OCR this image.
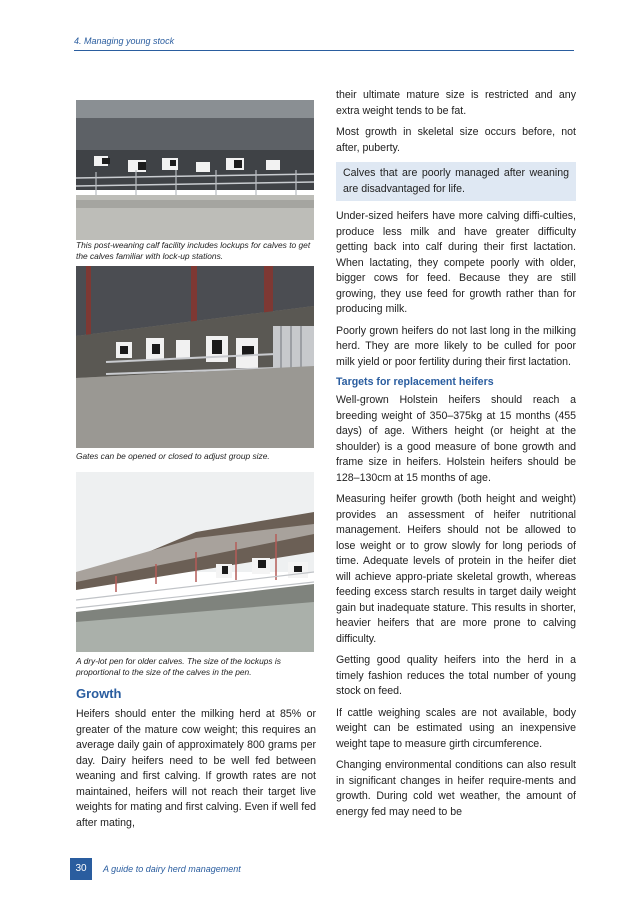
4. Managing young stock
This post-weaning calf facility includes lockups for calves to get the calves familiar with lock-up stations.
Gates can be opened or closed to adjust group size.
A dry-lot pen for older calves. The size of the lockups is proportional to the size of the calves in the pen.
Growth

Heifers should enter the milking herd at 85% or greater of the mature cow weight; this requires an average daily gain of approximately 800 grams per day. Dairy heifers need to be well fed between weaning and first calving. If growth rates are not maintained, heifers will not reach their target live weights for mating and first calving. Even if well fed after mating,

their ultimate mature size is restricted and any extra weight tends to be fat.

Most growth in skeletal size occurs before, not after, puberty.

Calves that are poorly managed after weaning are disadvantaged for life.

Under-sized heifers have more calving diffi-culties, produce less milk and have greater difficulty getting back into calf during their first lactation. When lactating, they compete poorly with older, bigger cows for feed. Because they are still growing, they use feed for growth rather than for producing milk.

Poorly grown heifers do not last long in the milking herd. They are more likely to be culled for poor milk yield or poor fertility during their first lactation.

Targets for replacement heifers

Well-grown Holstein heifers should reach a breeding weight of 350–375kg at 15 months (455 days) of age. Withers height (or height at the shoulder) is a good measure of bone growth and frame size in heifers. Holstein heifers should be 128–130cm at 15 months of age.

Measuring heifer growth (both height and weight) provides an assessment of heifer nutritional management. Heifers should not be allowed to lose weight or to grow slowly for long periods of time. Adequate levels of protein in the heifer diet will achieve appro-priate skeletal growth, whereas feeding excess starch results in target daily weight gain but inadequate stature. This results in shorter, heavier heifers that are more prone to calving difficulty.

Getting good quality heifers into the herd in a timely fashion reduces the total number of young stock on feed.

If cattle weighing scales are not available, body weight can be estimated using an inexpensive weight tape to measure girth circumference.

Changing environmental conditions can also result in significant changes in heifer require-ments and growth. During cold wet weather, the amount of energy fed may need to be

30	A guide to dairy herd management
